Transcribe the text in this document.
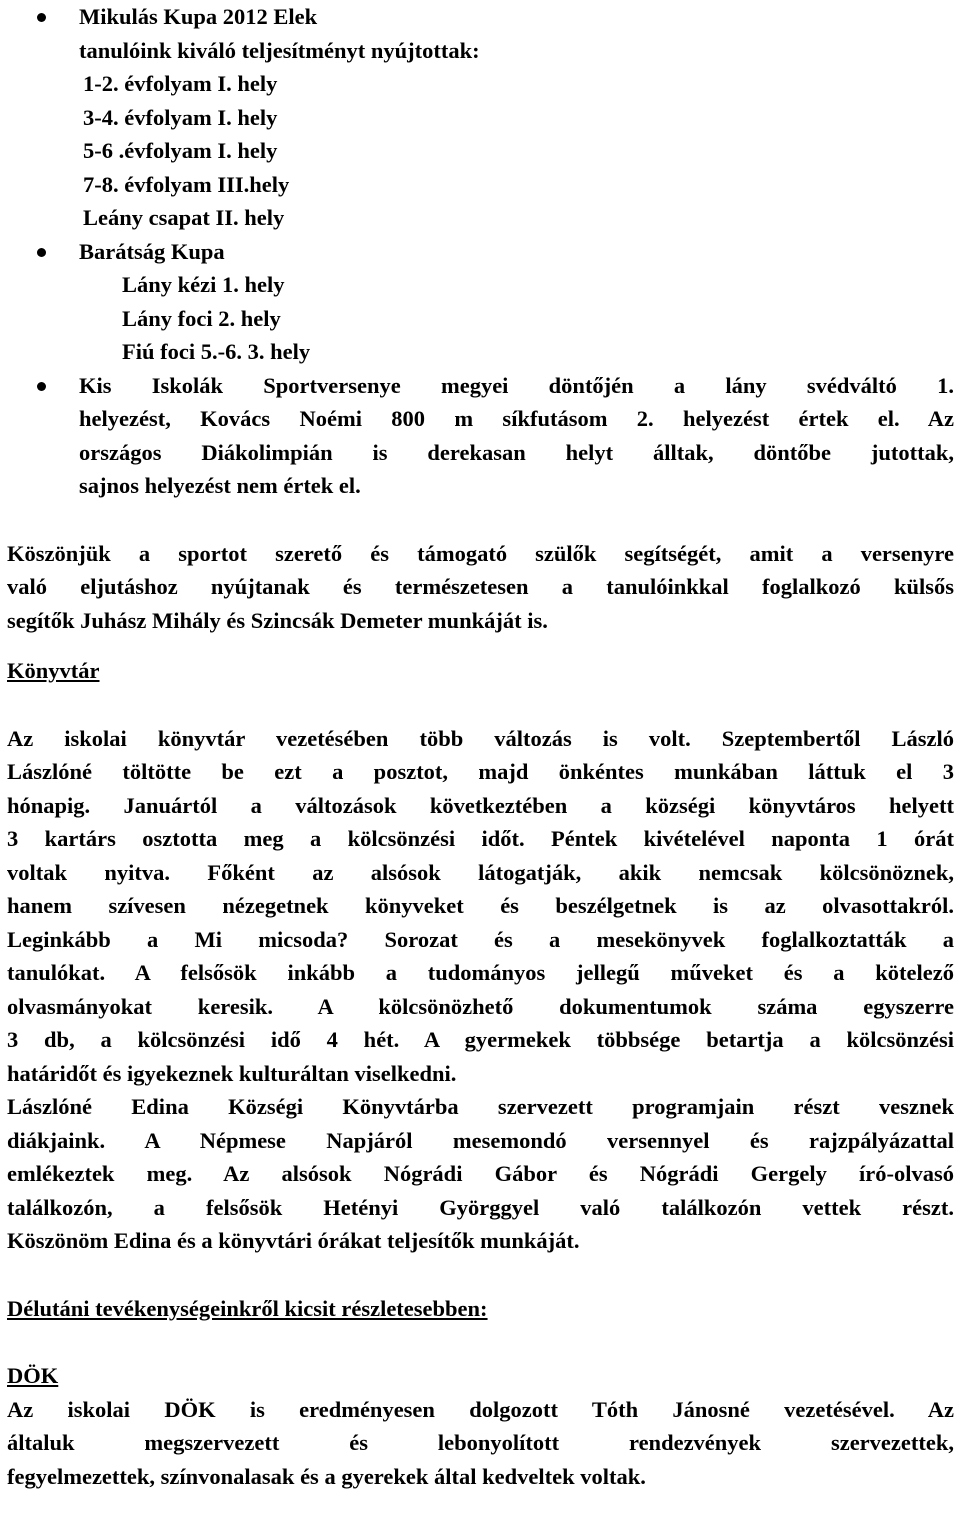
Mikulás Kupa 2012 Elek
tanulóink kiváló teljesítményt nyújtottak:
1-2. évfolyam I. hely
3-4. évfolyam I. hely
5-6 .évfolyam I. hely
7-8. évfolyam III.hely
Leány csapat II. hely
Barátság Kupa
Lány kézi 1. hely
Lány foci 2. hely
Fiú foci 5.-6. 3. hely
Kis Iskolák Sportversenye megyei döntőjén a lány svédváltó 1.
helyezést, Kovács Noémi 800 m síkfutásom 2. helyezést értek el. Az
országos Diákolimpián is derekasan helyt álltak, döntőbe jutottak,
sajnos helyezést nem értek el.
Köszönjük a sportot szerető és támogató szülők segítségét, amit a versenyre
való eljutáshoz nyújtanak és természetesen a tanulóinkkal foglalkozó külsős
segítők Juhász Mihály és Szincsák Demeter munkáját is.
Könyvtár
Az iskolai könyvtár vezetésében több változás is volt. Szeptembertől László
Lászlóné töltötte be ezt a posztot, majd önkéntes munkában láttuk el 3
hónapig. Januártól a változások következtében a községi könyvtáros helyett
3 kartárs osztotta meg a kölcsönzési időt. Péntek kivételével naponta 1 órát
voltak nyitva. Főként az alsósok látogatják, akik nemcsak kölcsönöznek,
hanem szívesen nézegetnek könyveket és beszélgetnek is az olvasottakról.
Leginkább a Mi micsoda? Sorozat és a mesekönyvek foglalkoztatták a
tanulókat. A felsősök inkább a tudományos jellegű műveket és a kötelező
olvasmányokat keresik. A kölcsönözhető dokumentumok száma egyszerre
3 db, a kölcsönzési idő 4 hét. A gyermekek többsége betartja a kölcsönzési
határidőt és igyekeznek kulturáltan viselkedni.
Lászlóné Edina Községi Könyvtárba szervezett programjain részt vesznek
diákjaink. A Népmese Napjáról mesemondó versennyel és rajzpályázattal
emlékeztek meg. Az alsósok Nógrádi Gábor és Nógrádi Gergely író-olvasó
találkozón, a felsősök Hetényi Györggyel való találkozón vettek részt.
Köszönöm Edina és a könyvtári órákat teljesítők munkáját.
Délutáni tevékenységeinkről kicsit részletesebben:
DÖK
Az iskolai DÖK is eredményesen dolgozott Tóth Jánosné vezetésével. Az
általuk megszervezett és lebonyolított rendezvények szervezettek,
fegyelmezettek, színvonalasak és a gyerekek által kedveltek voltak.
